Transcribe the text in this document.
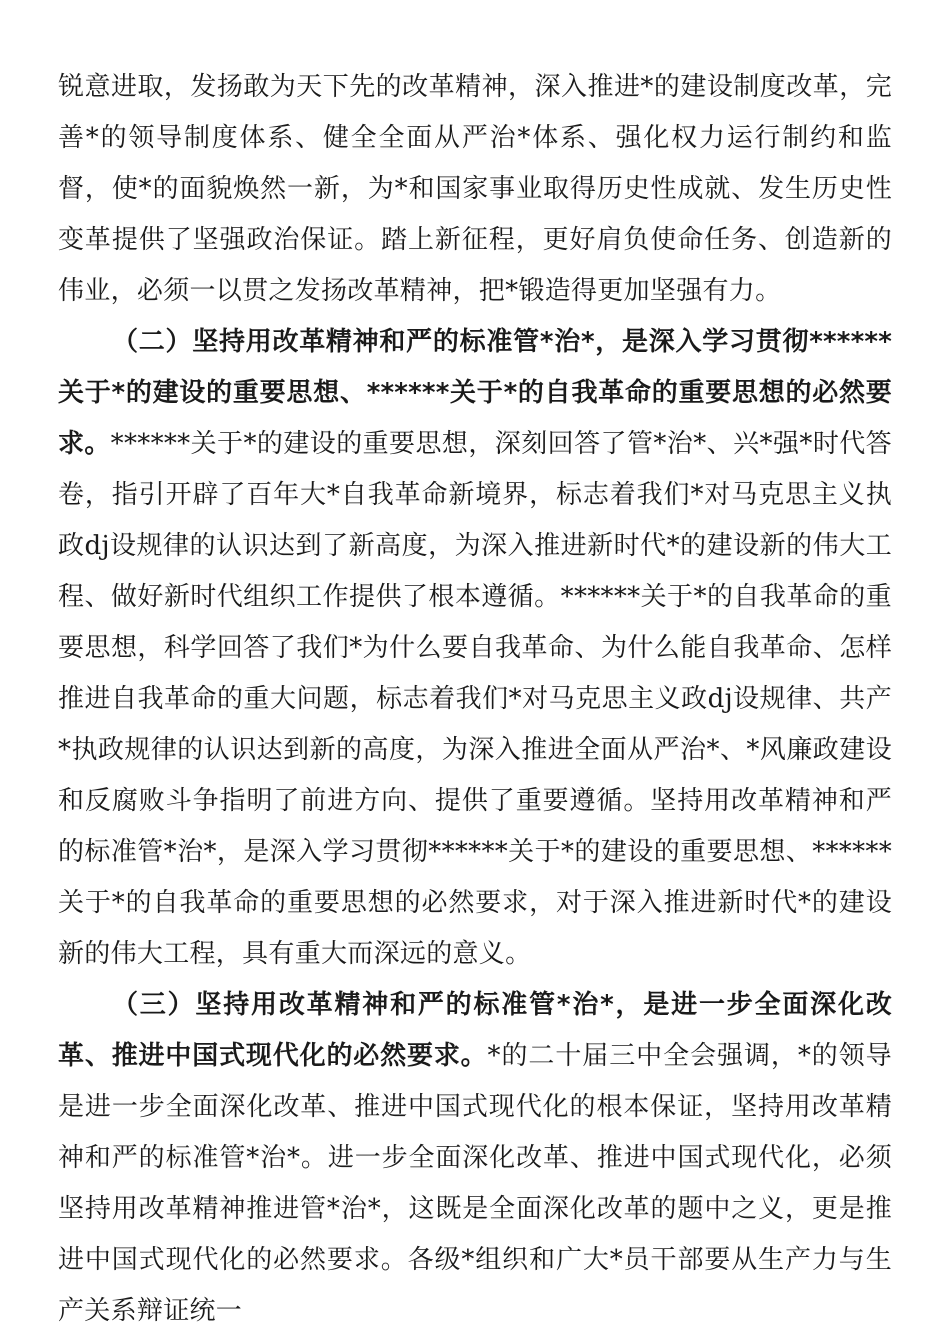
锐意进取，发扬敢为天下先的改革精神，深入推进*的建设制度改革，完善*的领导制度体系、健全全面从严治*体系、强化权力运行制约和监督，使*的面貌焕然一新，为*和国家事业取得历史性成就、发生历史性变革提供了坚强政治保证。踏上新征程，更好肩负使命任务、创造新的伟业，必须一以贯之发扬改革精神，把*锻造得更加坚强有力。

（二）坚持用改革精神和严的标准管*治*，是深入学习贯彻******关于*的建设的重要思想、******关于*的自我革命的重要思想的必然要求。******关于*的建设的重要思想，深刻回答了管*治*、兴*强*时代答卷，指引开辟了百年大*自我革命新境界，标志着我们*对马克思主义执政dj设规律的认识达到了新高度，为深入推进新时代*的建设新的伟大工程、做好新时代组织工作提供了根本遵循。******关于*的自我革命的重要思想，科学回答了我们*为什么要自我革命、为什么能自我革命、怎样推进自我革命的重大问题，标志着我们*对马克思主义政dj设规律、共产*执政规律的认识达到新的高度，为深入推进全面从严治*、*风廉政建设和反腐败斗争指明了前进方向、提供了重要遵循。坚持用改革精神和严的标准管*治*，是深入学习贯彻******关于*的建设的重要思想、******关于*的自我革命的重要思想的必然要求，对于深入推进新时代*的建设新的伟大工程，具有重大而深远的意义。

（三）坚持用改革精神和严的标准管*治*，是进一步全面深化改革、推进中国式现代化的必然要求。*的二十届三中全会强调，*的领导是进一步全面深化改革、推进中国式现代化的根本保证，坚持用改革精神和严的标准管*治*。进一步全面深化改革、推进中国式现代化，必须坚持用改革精神推进管*治*，这既是全面深化改革的题中之义，更是推进中国式现代化的必然要求。各级*组织和广大*员干部要从生产力与生产关系辩证统一
